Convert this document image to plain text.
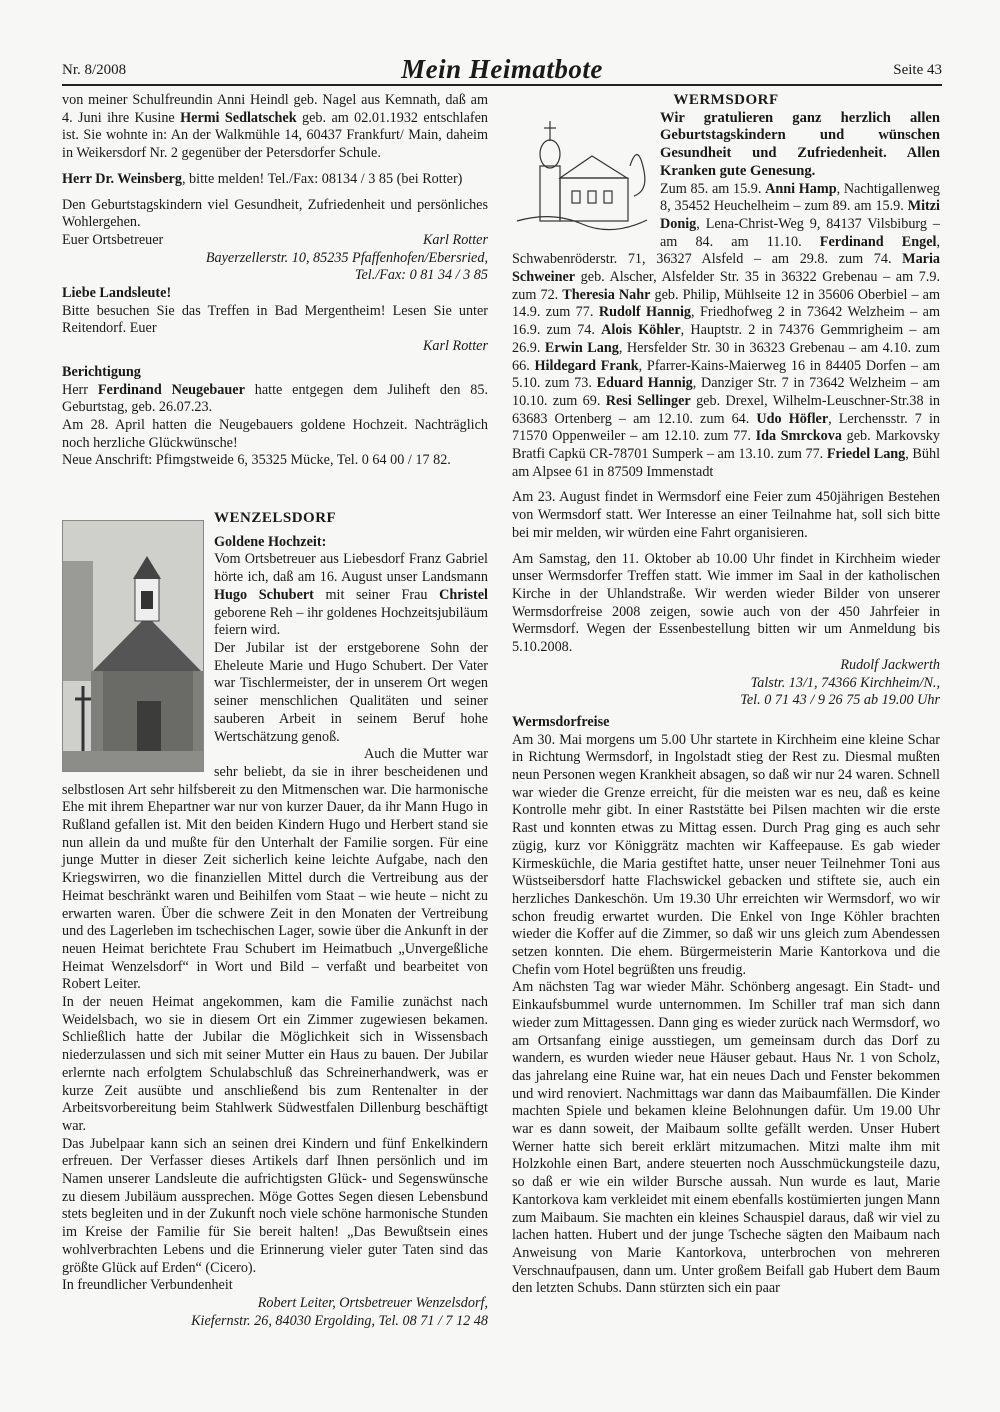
Nr. 8/2008	Mein Heimatbote	Seite 43

von meiner Schulfreundin Anni Heindl geb. Nagel aus Kemnath, daß am 4. Juni ihre Kusine Hermi Sedlatschek geb. am 02.01.1932 entschlafen ist. Sie wohnte in: An der Walkmühle 14, 60437 Frankfurt/ Main, daheim in Weikersdorf Nr. 2 gegenüber der Petersdorfer Schule.

Herr Dr. Weinsberg, bitte melden! Tel./Fax: 08134 / 3 85 (bei Rotter)

Den Geburtstagskindern viel Gesundheit, Zufriedenheit und persönliches Wohlergehen.

Euer Ortsbetreuer	Karl Rotter

Bayerzellerstr. 10, 85235 Pfaffenhofen/Ebersried,

Tel./Fax: 0 81 34 / 3 85

Liebe Landsleute!

Bitte besuchen Sie das Treffen in Bad Mergentheim! Lesen Sie unter Reitendorf. Euer

Karl Rotter

Berichtigung

Herr Ferdinand Neugebauer hatte entgegen dem Juliheft den 85. Geburtstag, geb. 26.07.23.

Am 28. April hatten die Neugebauers goldene Hochzeit. Nachträglich noch herzliche Glückwünsche!

Neue Anschrift: Pfimgstweide 6, 35325 Mücke, Tel. 0 64 00 / 17 82.

WENZELSDORF

Goldene Hochzeit:

Vom Ortsbetreuer aus Liebesdorf Franz Gabriel hörte ich, daß am 16. August unser Landsmann Hugo Schubert mit seiner Frau Christel geborene Reh – ihr goldenes Hochzeitsjubiläum feiern wird.

Der Jubilar ist der erstgeborene Sohn der Eheleute Marie und Hugo Schubert. Der Vater war Tischlermeister, der in unserem Ort wegen seiner menschlichen Qualitäten und seiner sauberen Arbeit in seinem Beruf hohe Wertschätzung genoß.

Auch die Mutter war sehr beliebt, da sie in ihrer bescheidenen und selbstlosen Art sehr hilfsbereit zu den Mitmenschen war. Die harmonische Ehe mit ihrem Ehepartner war nur von kurzer Dauer, da ihr Mann Hugo in Rußland gefallen ist. Mit den beiden Kindern Hugo und Herbert stand sie nun allein da und mußte für den Unterhalt der Familie sorgen. Für eine junge Mutter in dieser Zeit sicherlich keine leichte Aufgabe, nach den Kriegswirren, wo die finanziellen Mittel durch die Vertreibung aus der Heimat beschränkt waren und Beihilfen vom Staat – wie heute – nicht zu erwarten waren. Über die schwere Zeit in den Monaten der Vertreibung und des Lagerleben im tschechischen Lager, sowie über die Ankunft in der neuen Heimat berichtete Frau Schubert im Heimatbuch „Unvergeßliche Heimat Wenzelsdorf“ in Wort und Bild – verfaßt und bearbeitet von Robert Leiter.

In der neuen Heimat angekommen, kam die Familie zunächst nach Weidelsbach, wo sie in diesem Ort ein Zimmer zugewiesen bekamen. Schließlich hatte der Jubilar die Möglichkeit sich in Wissensbach niederzulassen und sich mit seiner Mutter ein Haus zu bauen. Der Jubilar erlernte nach erfolgtem Schulabschluß das Schreinerhandwerk, was er kurze Zeit ausübte und anschließend bis zum Rentenalter in der Arbeitsvorbereitung beim Stahlwerk Südwestfalen Dillenburg beschäftigt war.

Das Jubelpaar kann sich an seinen drei Kindern und fünf Enkelkindern erfreuen. Der Verfasser dieses Artikels darf Ihnen persönlich und im Namen unserer Landsleute die aufrichtigsten Glück- und Segenswünsche zu diesem Jubiläum aussprechen. Möge Gottes Segen diesen Lebensbund stets begleiten und in der Zukunft noch viele schöne harmonische Stunden im Kreise der Familie für Sie bereit halten! „Das Bewußtsein eines wohlverbrachten Lebens und die Erinnerung vieler guter Taten sind das größte Glück auf Erden“ (Cicero).

In freundlicher Verbundenheit

Robert Leiter, Ortsbetreuer Wenzelsdorf,

Kiefernstr. 26, 84030 Ergolding, Tel. 08 71 / 7 12 48

WERMSDORF

Wir gratulieren ganz herzlich allen Geburtstagskindern und wünschen Gesundheit und Zufriedenheit. Allen Kranken gute Genesung.

Zum 85. am 15.9. Anni Hamp, Nachtigallenweg 8, 35452 Heuchelheim – zum 89. am 15.9. Mitzi Donig, Lena-Christ-Weg 9, 84137 Vilsbiburg – am 84. am 11.10. Ferdinand Engel, Schwabenröderstr. 71, 36327 Alsfeld – am 29.8. zum 74. Maria Schweiner geb. Alscher, Alsfelder Str. 35 in 36322 Grebenau – am 7.9. zum 72. Theresia Nahr geb. Philip, Mühlseite 12 in 35606 Oberbiel – am 14.9. zum 77. Rudolf Hannig, Friedhofweg 2 in 73642 Welzheim – am 16.9. zum 74. Alois Köhler, Hauptstr. 2 in 74376 Gemmrigheim – am 26.9. Erwin Lang, Hersfelder Str. 30 in 36323 Grebenau – am 4.10. zum 66. Hildegard Frank, Pfarrer-Kains-Maierweg 16 in 84405 Dorfen – am 5.10. zum 73. Eduard Hannig, Danziger Str. 7 in 73642 Welzheim – am 10.10. zum 69. Resi Sellinger geb. Drexel, Wilhelm-Leuschner-Str.38 in 63683 Ortenberg – am 12.10. zum 64. Udo Höfler, Lerchensstr. 7 in 71570 Oppenweiler – am 12.10. zum 77. Ida Smrckova geb. Markovsky Bratfi Capkü CR-78701 Sumperk – am 13.10. zum 77. Friedel Lang, Bühl am Alpsee 61 in 87509 Immenstadt

Am 23. August findet in Wermsdorf eine Feier zum 450jährigen Bestehen von Wermsdorf statt. Wer Interesse an einer Teilnahme hat, soll sich bitte bei mir melden, wir würden eine Fahrt organisieren.

Am Samstag, den 11. Oktober ab 10.00 Uhr findet in Kirchheim wieder unser Wermsdorfer Treffen statt. Wie immer im Saal in der katholischen Kirche in der Uhlandstraße. Wir werden wieder Bilder von unserer Wermsdorfreise 2008 zeigen, sowie auch von der 450 Jahrfeier in Wermsdorf. Wegen der Essenbestellung bitten wir um Anmeldung bis 5.10.2008.

Rudolf Jackwerth

Talstr. 13/1, 74366 Kirchheim/N.,

Tel. 0 71 43 / 9 26 75 ab 19.00 Uhr

Wermsdorfreise

Am 30. Mai morgens um 5.00 Uhr startete in Kirchheim eine kleine Schar in Richtung Wermsdorf, in Ingolstadt stieg der Rest zu. Diesmal mußten neun Personen wegen Krankheit absagen, so daß wir nur 24 waren. Schnell war wieder die Grenze erreicht, für die meisten war es neu, daß es keine Kontrolle mehr gibt. In einer Raststätte bei Pilsen machten wir die erste Rast und konnten etwas zu Mittag essen. Durch Prag ging es auch sehr zügig, kurz vor Königgrätz machten wir Kaffeepause. Es gab wieder Kirmesküchle, die Maria gestiftet hatte, unser neuer Teilnehmer Toni aus Wüstseibersdorf hatte Flachswickel gebacken und stiftete sie, auch ein herzliches Dankeschön. Um 19.30 Uhr erreichten wir Wermsdorf, wo wir schon freudig erwartet wurden. Die Enkel von Inge Köhler brachten wieder die Koffer auf die Zimmer, so daß wir uns gleich zum Abendessen setzen konnten. Die ehem. Bürgermeisterin Marie Kantorkova und die Chefin vom Hotel begrüßten uns freudig.

Am nächsten Tag war wieder Mähr. Schönberg angesagt. Ein Stadt- und Einkaufsbummel wurde unternommen. Im Schiller traf man sich dann wieder zum Mittagessen. Dann ging es wieder zurück nach Wermsdorf, wo am Ortsanfang einige ausstiegen, um gemeinsam durch das Dorf zu wandern, es wurden wieder neue Häuser gebaut. Haus Nr. 1 von Scholz, das jahrelang eine Ruine war, hat ein neues Dach und Fenster bekommen und wird renoviert. Nachmittags war dann das Maibaumfällen. Die Kinder machten Spiele und bekamen kleine Belohnungen dafür. Um 19.00 Uhr war es dann soweit, der Maibaum sollte gefällt werden. Unser Hubert Werner hatte sich bereit erklärt mitzumachen. Mitzi malte ihm mit Holzkohle einen Bart, andere steuerten noch Ausschmückungsteile dazu, so daß er wie ein wilder Bursche aussah. Nun wurde es laut, Marie Kantorkova kam verkleidet mit einem ebenfalls kostümierten jungen Mann zum Maibaum. Sie machten ein kleines Schauspiel daraus, daß wir viel zu lachen hatten. Hubert und der junge Tscheche sägten den Maibaum nach Anweisung von Marie Kantorkova, unterbrochen von mehreren Verschnaufpausen, dann um. Unter großem Beifall gab Hubert dem Baum den letzten Schubs. Dann stürzten sich ein paar
